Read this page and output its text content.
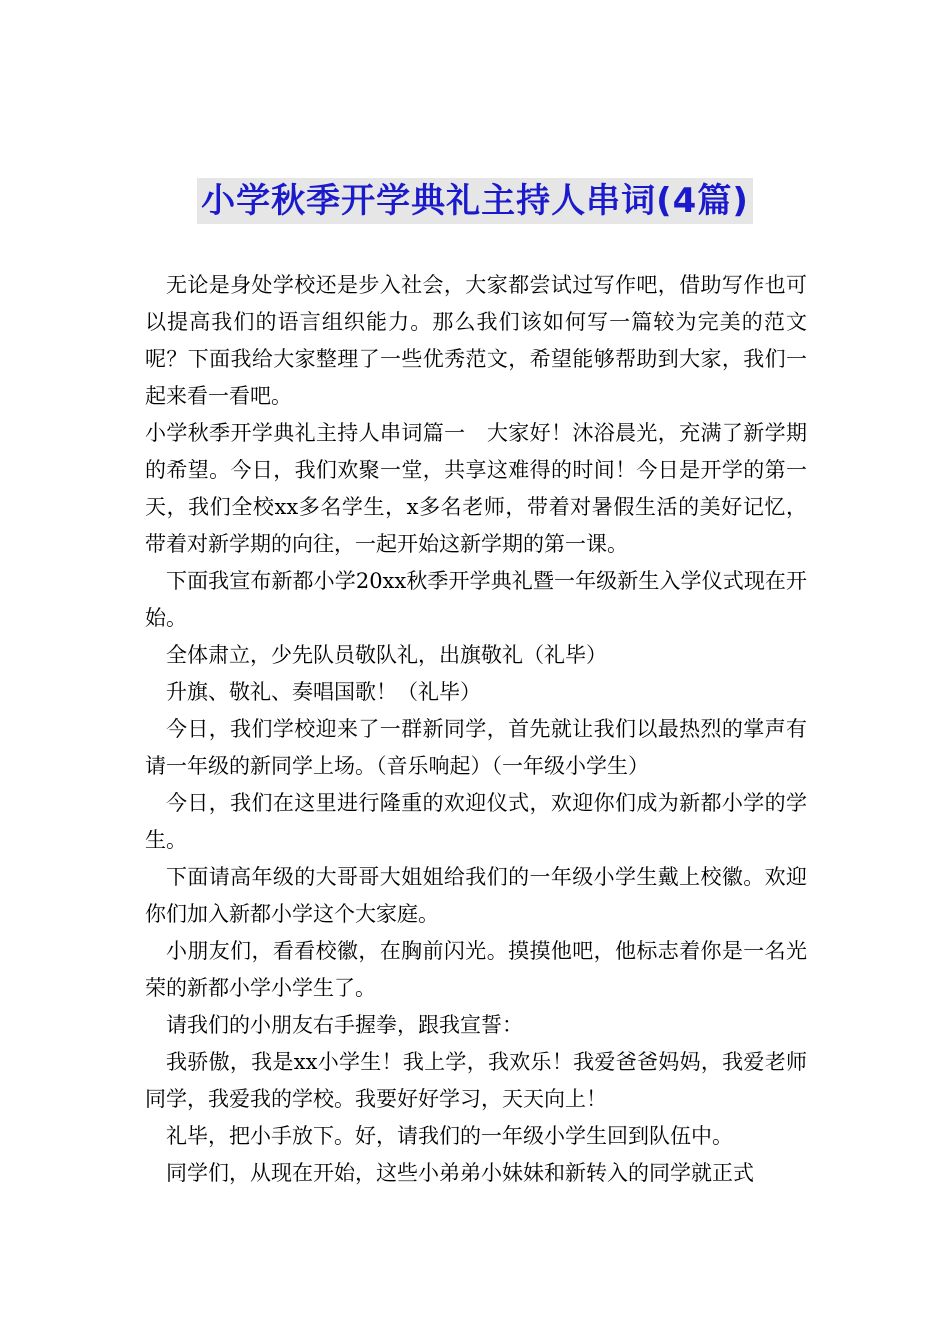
小学秋季开学典礼主持人串词(4篇)

无论是身处学校还是步入社会，大家都尝试过写作吧，借助写作也可以提高我们的语言组织能力。那么我们该如何写一篇较为完美的范文呢？下面我给大家整理了一些优秀范文，希望能够帮助到大家，我们一起来看一看吧。

小学秋季开学典礼主持人串词篇一　大家好！沐浴晨光，充满了新学期的希望。今日，我们欢聚一堂，共享这难得的时间！今日是开学的第一天，我们全校xx多名学生，x多名老师，带着对暑假生活的美好记忆，带着对新学期的向往，一起开始这新学期的第一课。

下面我宣布新都小学20xx秋季开学典礼暨一年级新生入学仪式现在开始。

全体肃立，少先队员敬队礼，出旗敬礼（礼毕）

升旗、敬礼、奏唱国歌！（礼毕）

今日，我们学校迎来了一群新同学，首先就让我们以最热烈的掌声有请一年级的新同学上场。（音乐响起）（一年级小学生）

今日，我们在这里进行隆重的欢迎仪式，欢迎你们成为新都小学的学生。

下面请高年级的大哥哥大姐姐给我们的一年级小学生戴上校徽。欢迎你们加入新都小学这个大家庭。

小朋友们，看看校徽，在胸前闪光。摸摸他吧，他标志着你是一名光荣的新都小学小学生了。

请我们的小朋友右手握拳，跟我宣誓：

我骄傲，我是xx小学生！我上学，我欢乐！我爱爸爸妈妈，我爱老师同学，我爱我的学校。我要好好学习，天天向上！

礼毕，把小手放下。好，请我们的一年级小学生回到队伍中。

同学们，从现在开始，这些小弟弟小妹妹和新转入的同学就正式
